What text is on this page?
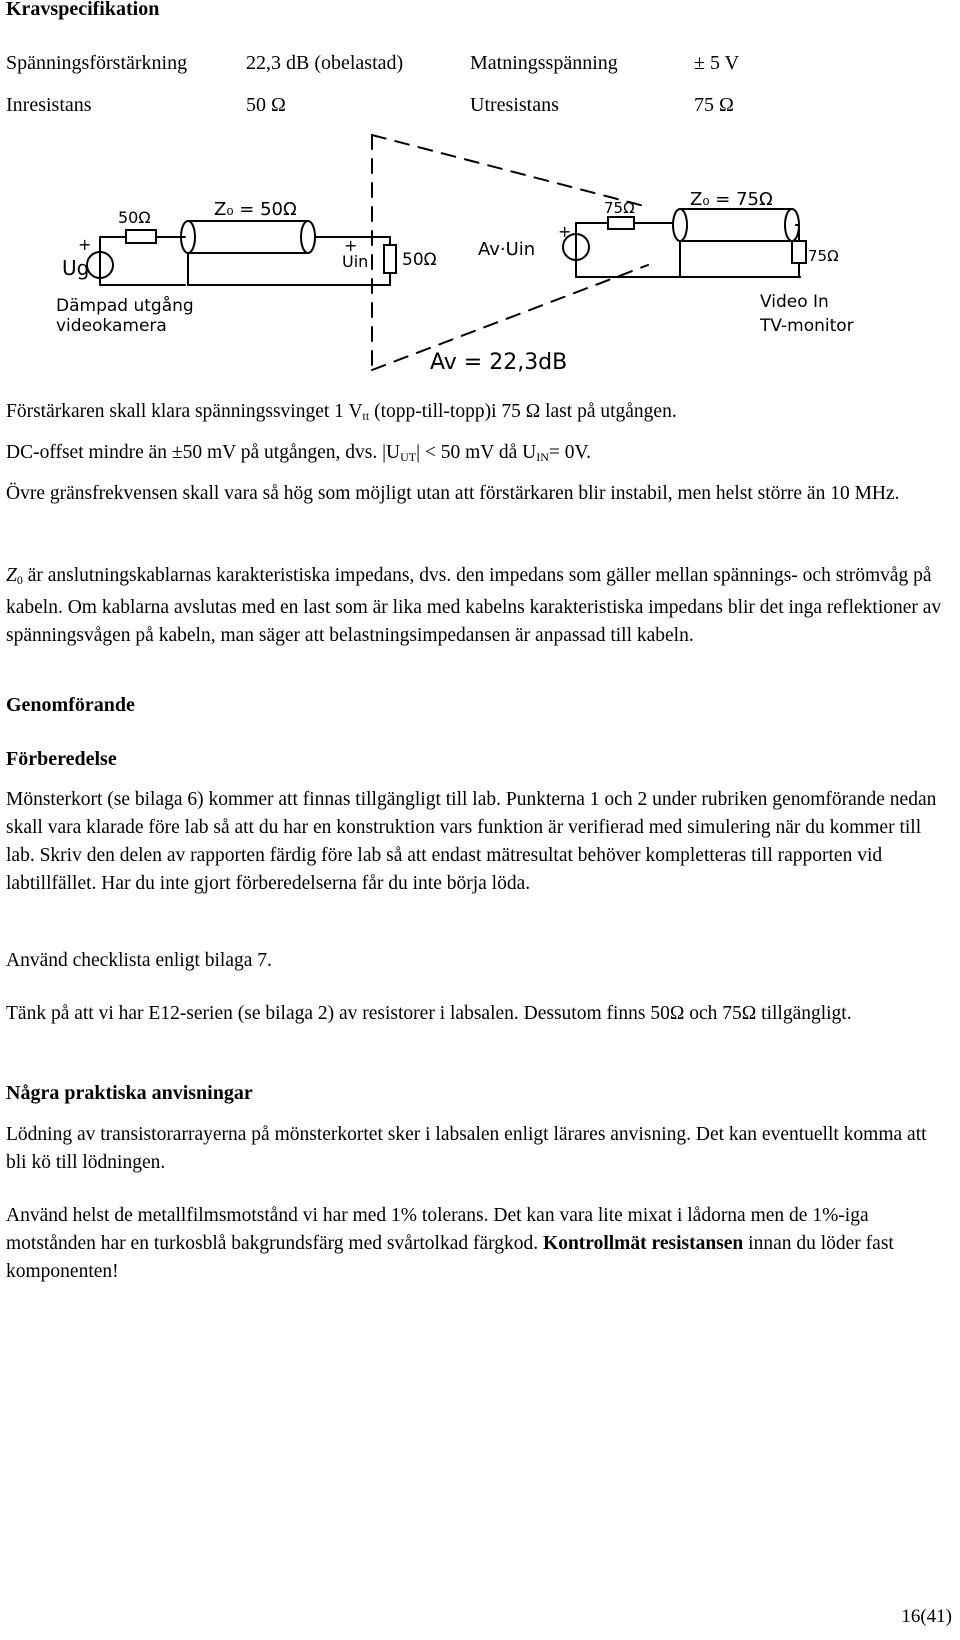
Kravspecifikation
Spänningsförstärkning	22,3 dB (obelastad)	Matningsspänning	± 5 V
Inresistans	50 Ω	Utresistans	75 Ω
+	+
+
50Ω	Z₀ = 50Ω
Ug	Uin 50Ω Av·Uin
75Ω	Z₀ = 75Ω
75Ω
Dämpad utgång
videokamera
Video In
TV-monitor
Av = 22,3dB

Förstärkaren skall klara spänningssvinget 1 $V_{tt}$ (topp-till-topp)i 75 Ω last på utgången.

DC-offset mindre än ±50 mV på utgången, dvs. $|U_{UT}| < 50$ mV då $U_{IN}= 0V$.

Övre gränsfrekvensen skall vara så hög som möjligt utan att förstärkaren blir instabil, men helst större än 10 MHz.

$Z_0$ är anslutningskablarnas karakteristiska impedans, dvs. den impedans som gäller mellan spännings- och strömvåg på kabeln. Om kablarna avslutas med en last som är lika med kabelns karakteristiska impedans blir det inga reflektioner av spänningsvågen på kabeln, man säger att belastningsimpedansen är anpassad till kabeln.

Genomförande
Förberedelse

Mönsterkort (se bilaga 6) kommer att finnas tillgängligt till lab. Punkterna 1 och 2 under rubriken genomförande nedan skall vara klarade före lab så att du har en konstruktion vars funktion är verifierad med simulering när du kommer till lab. Skriv den delen av rapporten färdig före lab så att endast mätresultat behöver kompletteras till rapporten vid labtillfället. Har du inte gjort förberedelserna får du inte börja löda.

Använd checklista enligt bilaga 7.

Tänk på att vi har E12-serien (se bilaga 2) av resistorer i labsalen. Dessutom finns 50Ω och 75Ω tillgängligt.

Några praktiska anvisningar

Lödning av transistorarrayerna på mönsterkortet sker i labsalen enligt lärares anvisning. Det kan eventuellt komma att bli kö till lödningen.

Använd helst de metallfilmsmotstånd vi har med 1% tolerans. Det kan vara lite mixat i lådorna men de 1%-iga motstånden har en turkosblå bakgrundsfärg med svårtolkad färgkod. Kontrollmät resistansen innan du löder fast komponenten!

16(41)
